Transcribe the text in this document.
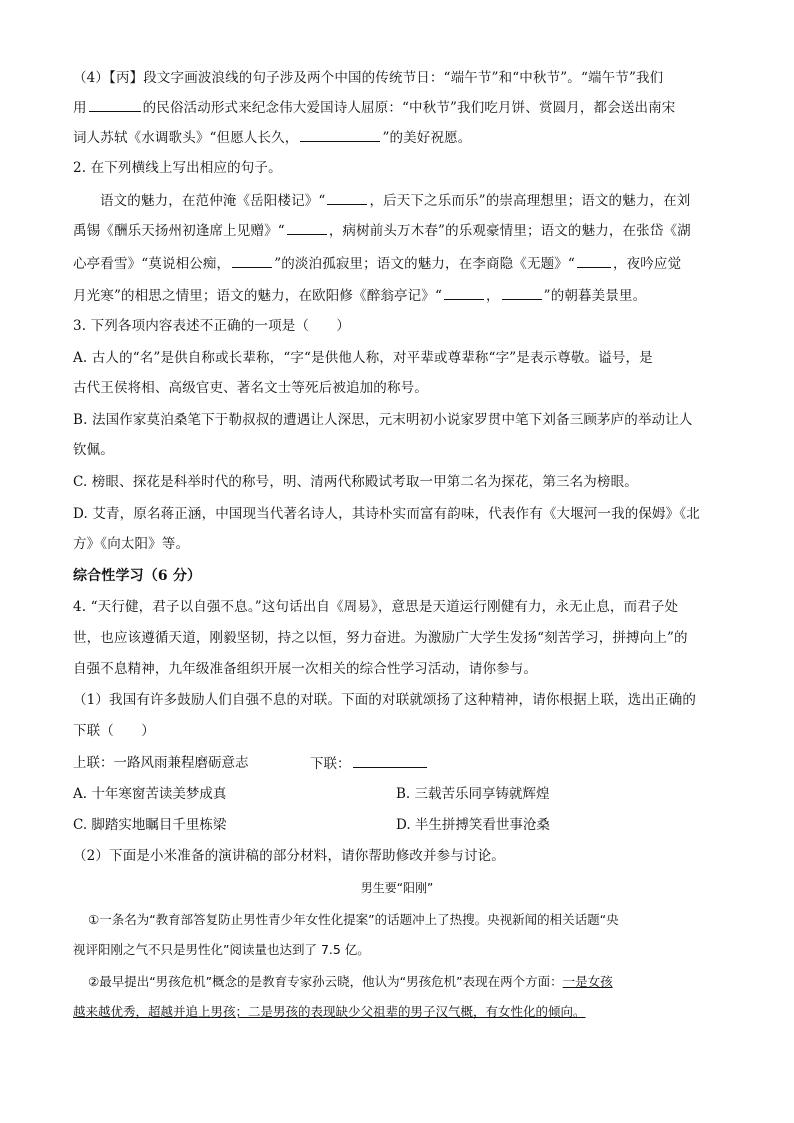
（4）【丙】段文字画波浪线的句子涉及两个中国的传统节日：“端午节”和“中秋节”。“端午节”我们
用	的民俗活动形式来纪念伟大爱国诗人屈原：“中秋节”我们吃月饼、赏圆月，都会送出南宋
词人苏轼《水调歌头》“但愿人长久，	”的美好祝愿。
2. 在下列横线上写出相应的句子。
语文的魅力，在范仲淹《岳阳楼记》“	，后天下之乐而乐”的崇高理想里；语文的魅力，在刘
禹锡《酬乐天扬州初逢席上见赠》“	，病树前头万木春”的乐观豪情里；语文的魅力，在张岱《湖
心亭看雪》“莫说相公痴，	”的淡泊孤寂里；语文的魅力，在李商隐《无题》“	，夜吟应觉
月光寒”的相思之情里；语文的魅力，在欧阳修《醉翁亭记》“	，	”的朝暮美景里。
3. 下列各项内容表述不正确的一项是（　　）
A. 古人的“名”是供自称或长辈称，“字“是供他人称，对平辈或尊辈称“字”是表示尊敬。谥号，是
古代王侯将相、高级官吏、著名文士等死后被追加的称号。
B. 法国作家莫泊桑笔下于勒叔叔的遭遇让人深思，元末明初小说家罗贯中笔下刘备三顾茅庐的举动让人
钦佩。
C. 榜眼、探花是科举时代的称号，明、清两代称殿试考取一甲第二名为探花，第三名为榜眼。
D. 艾青，原名蒋正涵，中国现当代著名诗人，其诗朴实而富有韵味，代表作有《大堰河一我的保姆》《北
方》《向太阳》等。
综合性学习（6 分）
4. “天行健，君子以自强不息。”这句话出自《周易》，意思是天道运行刚健有力，永无止息，而君子处
世，也应该遵循天道，刚毅坚韧，持之以恒，努力奋进。为激励广大学生发扬“刻苦学习，拼搏向上”的
自强不息精神，九年级准备组织开展一次相关的综合性学习活动，请你参与。
（1）我国有许多鼓励人们自强不息的对联。下面的对联就颂扬了这种精神，请你根据上联，选出正确的
下联（　　）
上联：一路风雨兼程磨砺意志	下联：
A. 十年寒窗苦读美梦成真	B. 三载苦乐同享铸就辉煌
C. 脚踏实地瞩目千里栋梁	D. 半生拼搏笑看世事沧桑
（2）下面是小米准备的演讲稿的部分材料，请你帮助修改并参与讨论。
男生要“阳刚”
①一条名为“教育部答复防止男性青少年女性化提案”的话题冲上了热搜。央视新闻的相关话题“央
视评阳刚之气不只是男性化”阅读量也达到了 7.5 亿。
②最早提出“男孩危机”概念的是教育专家孙云晓，他认为“男孩危机”表现在两个方面：一是女孩
越来越优秀，超越并追上男孩；二是男孩的表现缺少父祖辈的男子汉气概，有女性化的倾向。
